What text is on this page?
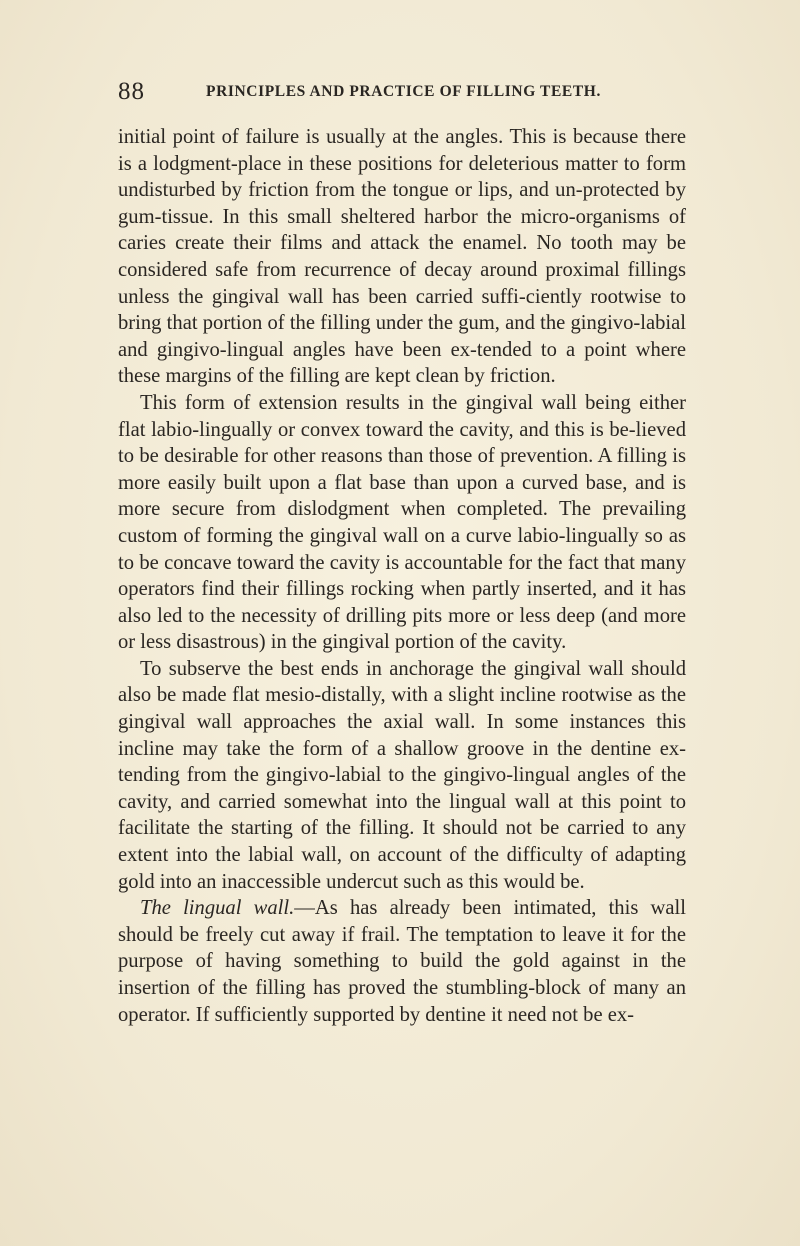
88	PRINCIPLES AND PRACTICE OF FILLING TEETH.

initial point of failure is usually at the angles. This is because there is a lodgment-place in these positions for deleterious matter to form undisturbed by friction from the tongue or lips, and un-protected by gum-tissue. In this small sheltered harbor the micro-organisms of caries create their films and attack the enamel. No tooth may be considered safe from recurrence of decay around proximal fillings unless the gingival wall has been carried suffi-ciently rootwise to bring that portion of the filling under the gum, and the gingivo-labial and gingivo-lingual angles have been ex-tended to a point where these margins of the filling are kept clean by friction.

This form of extension results in the gingival wall being either flat labio-lingually or convex toward the cavity, and this is be-lieved to be desirable for other reasons than those of prevention. A filling is more easily built upon a flat base than upon a curved base, and is more secure from dislodgment when completed. The prevailing custom of forming the gingival wall on a curve labio-lingually so as to be concave toward the cavity is accountable for the fact that many operators find their fillings rocking when partly inserted, and it has also led to the necessity of drilling pits more or less deep (and more or less disastrous) in the gingival portion of the cavity.

To subserve the best ends in anchorage the gingival wall should also be made flat mesio-distally, with a slight incline rootwise as the gingival wall approaches the axial wall. In some instances this incline may take the form of a shallow groove in the dentine ex-tending from the gingivo-labial to the gingivo-lingual angles of the cavity, and carried somewhat into the lingual wall at this point to facilitate the starting of the filling. It should not be carried to any extent into the labial wall, on account of the difficulty of adapting gold into an inaccessible undercut such as this would be.

The lingual wall.—As has already been intimated, this wall should be freely cut away if frail. The temptation to leave it for the purpose of having something to build the gold against in the insertion of the filling has proved the stumbling-block of many an operator. If sufficiently supported by dentine it need not be ex-
